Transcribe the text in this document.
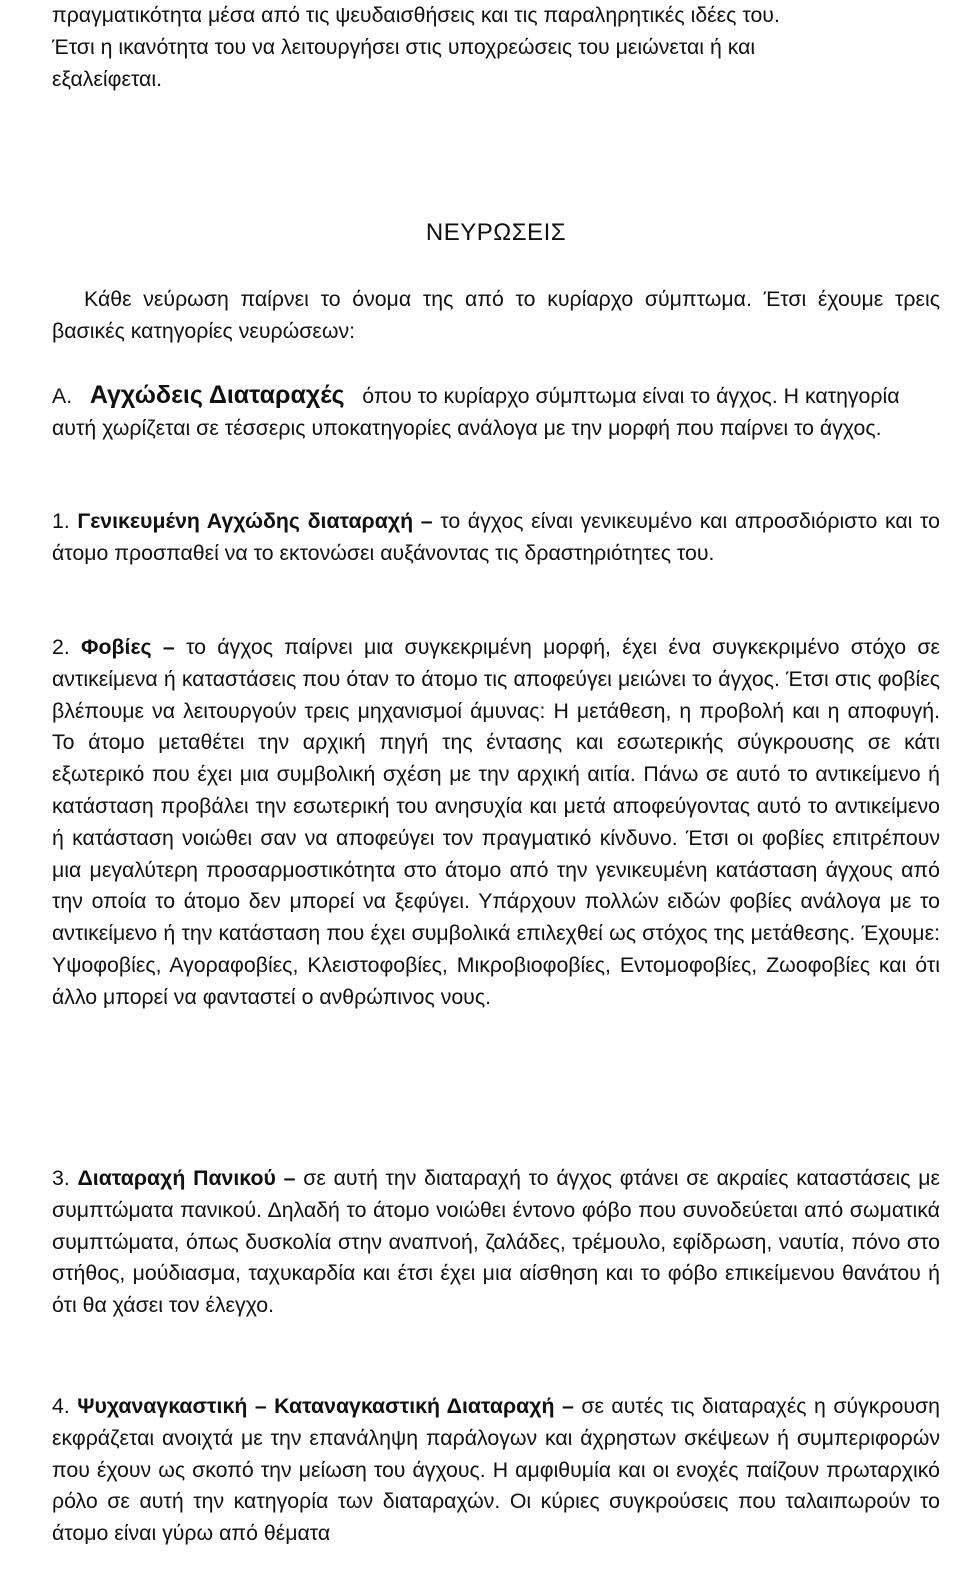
πραγματικότητα μέσα από τις ψευδαισθήσεις και τις παραληρητικές ιδέες του.
Έτσι η ικανότητα του να λειτουργήσει στις υποχρεώσεις του μειώνεται ή και
εξαλείφεται.
ΝΕΥΡΩΣΕΙΣ

Κάθε νεύρωση παίρνει το όνομα της από το κυρίαρχο σύμπτωμα. Έτσι έχουμε τρεις βασικές κατηγορίες νευρώσεων:

Α. Αγχώδεις Διαταραχές όπου το κυρίαρχο σύμπτωμα είναι το άγχος. Η κατηγορία αυτή χωρίζεται σε τέσσερις υποκατηγορίες ανάλογα με την μορφή που παίρνει το άγχος.

1. Γενικευμένη Αγχώδης διαταραχή – το άγχος είναι γενικευμένο και απροσδιόριστο και το άτομο προσπαθεί να το εκτονώσει αυξάνοντας τις δραστηριότητες του.

2. Φοβίες – το άγχος παίρνει μια συγκεκριμένη μορφή, έχει ένα συγκεκριμένο στόχο σε αντικείμενα ή καταστάσεις που όταν το άτομο τις αποφεύγει μειώνει το άγχος. Έτσι στις φοβίες βλέπουμε να λειτουργούν τρεις μηχανισμοί άμυνας: Η μετάθεση, η προβολή και η αποφυγή. Το άτομο μεταθέτει την αρχική πηγή της έντασης και εσωτερικής σύγκρουσης σε κάτι εξωτερικό που έχει μια συμβολική σχέση με την αρχική αιτία. Πάνω σε αυτό το αντικείμενο ή κατάσταση προβάλει την εσωτερική του ανησυχία και μετά αποφεύγοντας αυτό το αντικείμενο ή κατάσταση νοιώθει σαν να αποφεύγει τον πραγματικό κίνδυνο. Έτσι οι φοβίες επιτρέπουν μια μεγαλύτερη προσαρμοστικότητα στο άτομο από την γενικευμένη κατάσταση άγχους από την οποία το άτομο δεν μπορεί να ξεφύγει. Υπάρχουν πολλών ειδών φοβίες ανάλογα με το αντικείμενο ή την κατάσταση που έχει συμβολικά επιλεχθεί ως στόχος της μετάθεσης. Έχουμε: Υψοφοβίες, Αγοραφοβίες, Κλειστοφοβίες, Μικροβιοφοβίες, Εντομοφοβίες, Ζωοφοβίες και ότι άλλο μπορεί να φανταστεί ο ανθρώπινος νους.

3. Διαταραχή Πανικού – σε αυτή την διαταραχή το άγχος φτάνει σε ακραίες καταστάσεις με συμπτώματα πανικού. Δηλαδή το άτομο νοιώθει έντονο φόβο που συνοδεύεται από σωματικά συμπτώματα, όπως δυσκολία στην αναπνοή, ζαλάδες, τρέμουλο, εφίδρωση, ναυτία, πόνο στο στήθος, μούδιασμα, ταχυκαρδία και έτσι έχει μια αίσθηση και το φόβο επικείμενου θανάτου ή ότι θα χάσει τον έλεγχο.

4. Ψυχαναγκαστική – Καταναγκαστική Διαταραχή – σε αυτές τις διαταραχές η σύγκρουση εκφράζεται ανοιχτά με την επανάληψη παράλογων και άχρηστων σκέψεων ή συμπεριφορών που έχουν ως σκοπό την μείωση του άγχους. Η αμφιθυμία και οι ενοχές παίζουν πρωταρχικό ρόλο σε αυτή την κατηγορία των διαταραχών. Οι κύριες συγκρούσεις που ταλαιπωρούν το άτομο είναι γύρω από θέματα
